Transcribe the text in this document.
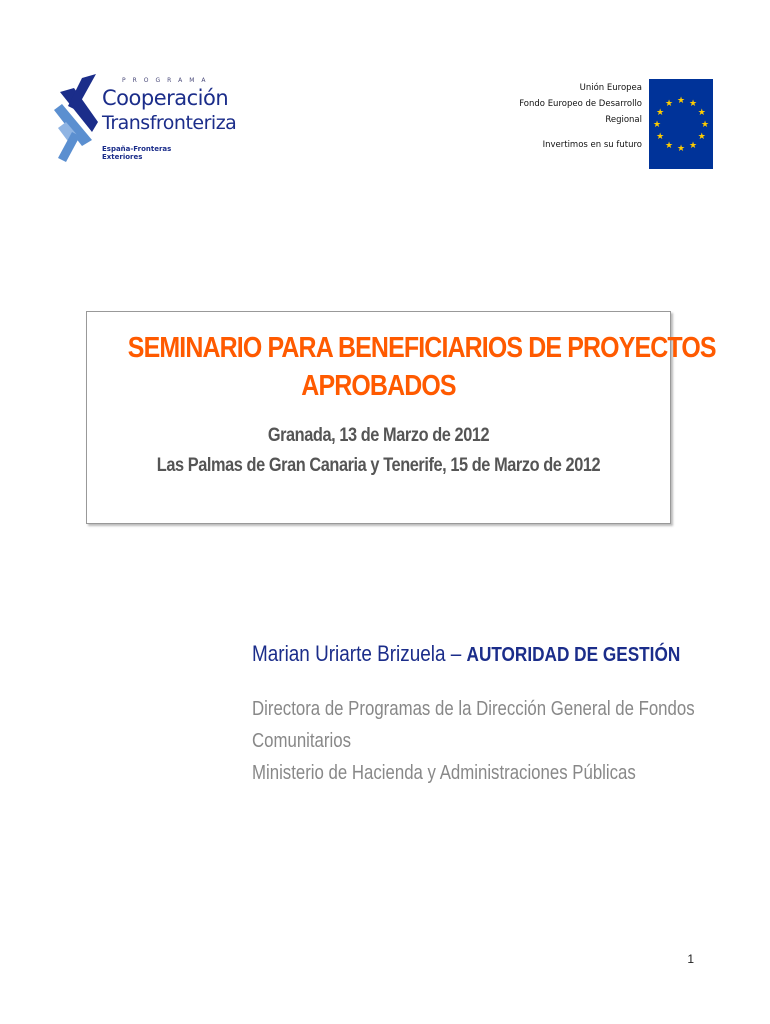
PROGRAMA
Cooperación
Transfronteriza
España-Fronteras Exteriores
Unión Europea
Fondo Europeo de Desarrollo
Regional
Invertimos en su futuro
★ ★
★
★
★
★
★
★
★
★
★
★
SEMINARIO PARA BENEFICIARIOS DE PROYECTOS
APROBADOS
Granada, 13 de Marzo de 2012
Las Palmas de Gran Canaria y Tenerife, 15 de Marzo de 2012
Marian Uriarte Brizuela – AUTORIDAD DE GESTIÓN
Directora de Programas de la Dirección General de Fondos
Comunitarios
Ministerio de Hacienda y Administraciones Públicas
1
